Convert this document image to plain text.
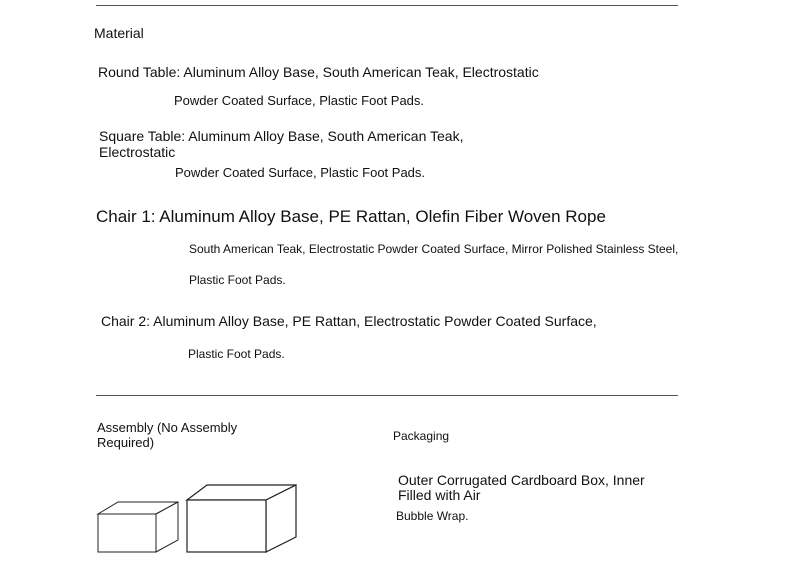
Material
Round Table: Aluminum Alloy Base, South American Teak, Electrostatic
Powder Coated Surface, Plastic Foot Pads.
Square Table: Aluminum Alloy Base, South American Teak,
Electrostatic
Powder Coated Surface, Plastic Foot Pads.
Chair 1: Aluminum Alloy Base, PE Rattan, Olefin Fiber Woven Rope
South American Teak, Electrostatic Powder Coated Surface, Mirror Polished Stainless Steel,
Plastic Foot Pads.
Chair 2: Aluminum Alloy Base, PE Rattan, Electrostatic Powder Coated Surface,
Plastic Foot Pads.
Assembly (No Assembly
Required)	Packaging
Outer Corrugated Cardboard Box, Inner
Filled with Air
Bubble Wrap.
